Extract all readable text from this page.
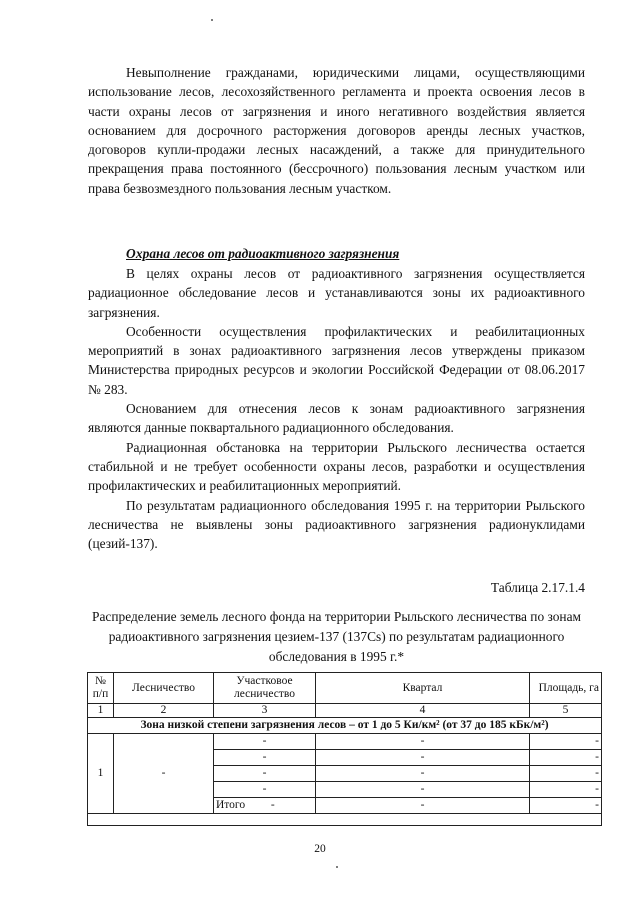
Невыполнение гражданами, юридическими лицами, осуществляющими использование лесов, лесохозяйственного регламента и проекта освоения лесов в части охраны лесов от загрязнения и иного негативного воздействия является основанием для досрочного расторжения договоров аренды лесных участков, договоров купли-продажи лесных насаждений, а также для принудительного прекращения права постоянного (бессрочного) пользования лесным участком или права безвозмездного пользования лесным участком.

Охрана лесов от радиоактивного загрязнения

В целях охраны лесов от радиоактивного загрязнения осуществляется радиационное обследование лесов и устанавливаются зоны их радиоактивного загрязнения.

Особенности осуществления профилактических и реабилитационных мероприятий в зонах радиоактивного загрязнения лесов утверждены приказом Министерства природных ресурсов и экологии Российской Федерации от 08.06.2017 № 283.

Основанием для отнесения лесов к зонам радиоактивного загрязнения являются данные поквартального радиационного обследования.

Радиационная обстановка на территории Рыльского лесничества остается стабильной и не требует особенности охраны лесов, разработки и осуществления профилактических и реабилитационных мероприятий.

По результатам радиационного обследования 1995 г. на территории Рыльского лесничества не выявлены зоны радиоактивного загрязнения радионуклидами (цезий-137).

Таблица 2.17.1.4
Распределение земель лесного фонда на территории Рыльского лесничества по зонам радиоактивного загрязнения цезием-137 (137Cs) по результатам радиационного обследования в 1995 г.*
№ п/п	Лесничество	Участковое лесничество	Квартал	Площадь, га
1	2	3	4	5
Зона низкой степени загрязнения лесов – от 1 до 5 Ки/км² (от 37 до 185 кБк/м²)				
1	-	-	-	-
		-	-	-
		-	-	-
		-	-	-
		Итого -	-	-

20
